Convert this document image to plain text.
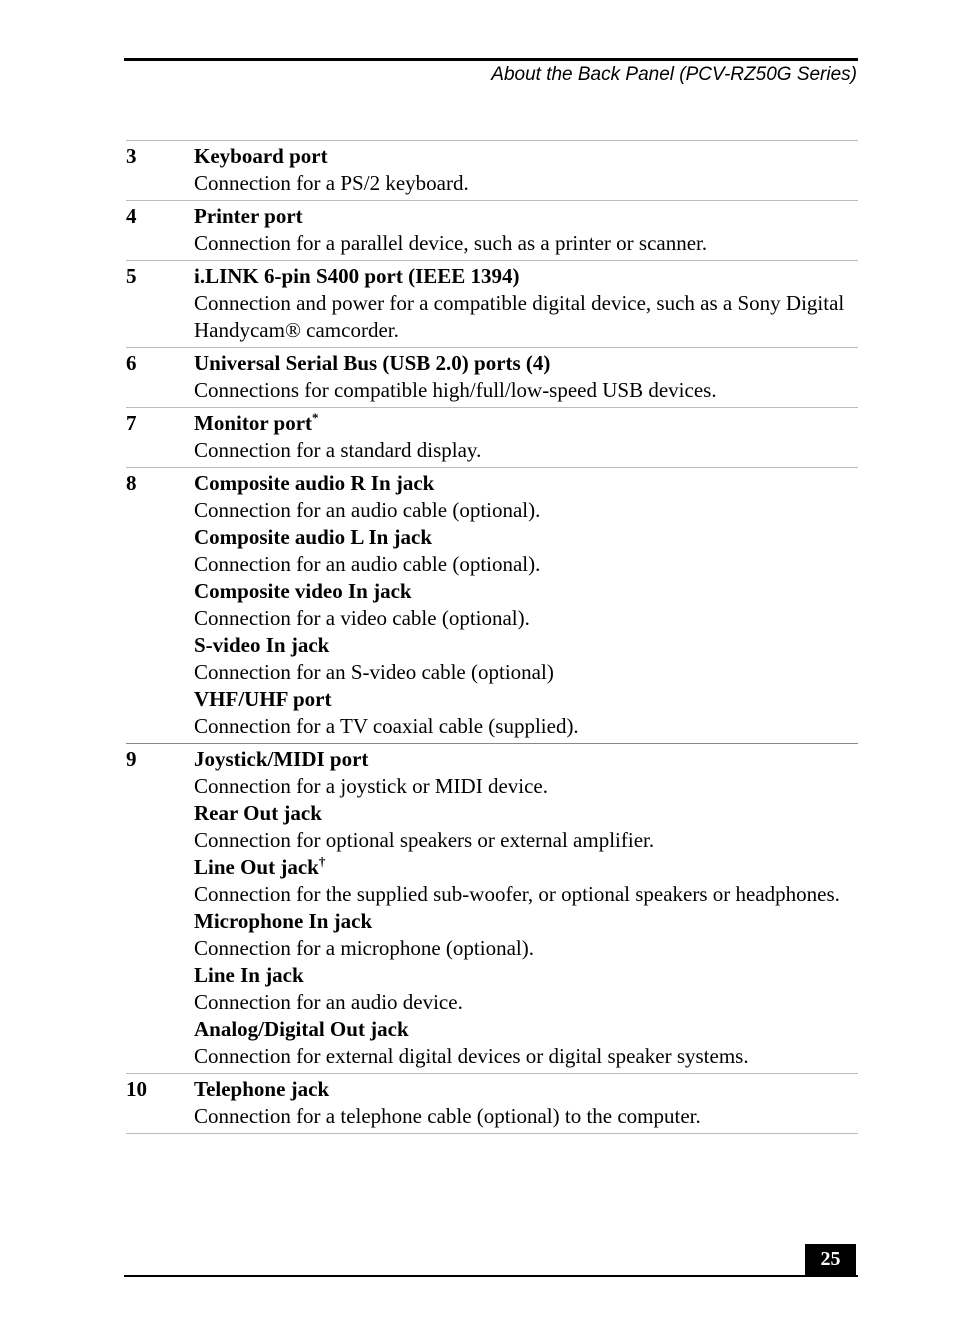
About the Back Panel (PCV-RZ50G Series)
3	Keyboard port
Connection for a PS/2 keyboard.
4	Printer port
Connection for a parallel device, such as a printer or scanner.
5	i.LINK 6-pin S400 port (IEEE 1394)
Connection and power for a compatible digital device, such as a Sony Digital Handycam® camcorder.
6	Universal Serial Bus (USB 2.0) ports (4)
Connections for compatible high/full/low-speed USB devices.
7	Monitor port*
Connection for a standard display.
8	Composite audio R In jack
Connection for an audio cable (optional).
Composite audio L In jack
Connection for an audio cable (optional).
Composite video In jack
Connection for a video cable (optional).
S-video In jack
Connection for an S-video cable (optional)
VHF/UHF port
Connection for a TV coaxial cable (supplied).
9	Joystick/MIDI port
Connection for a joystick or MIDI device.
Rear Out jack
Connection for optional speakers or external amplifier.
Line Out jack†
Connection for the supplied sub-woofer, or optional speakers or headphones.
Microphone In jack
Connection for a microphone (optional).
Line In jack
Connection for an audio device.
Analog/Digital Out jack
Connection for external digital devices or digital speaker systems.
10	Telephone jack
Connection for a telephone cable (optional) to the computer.
25
